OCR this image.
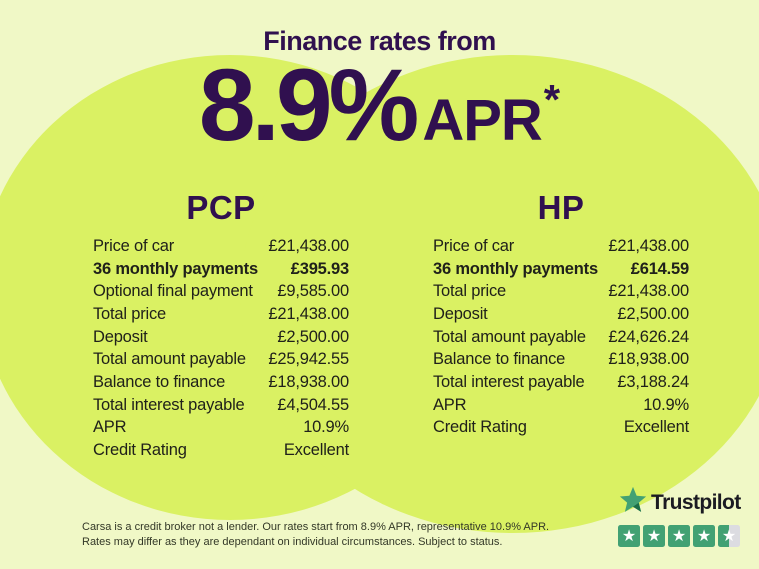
Finance rates from
8.9% APR *
PCP
Price of car	£21,438.00
36 monthly payments £395.93
Optional final payment £9,585.00
Total price	£21,438.00
Deposit	£2,500.00
Total amount payable £25,942.55
Balance to finance	£18,938.00
Total interest payable £4,504.55
APR	10.9%
Credit Rating	Excellent
HP
Price of car	£21,438.00
36 monthly payments £614.59
Total price	£21,438.00
Deposit	£2,500.00
Total amount payable £24,626.24
Balance to finance	£18,938.00
Total interest payable £3,188.24
APR	10.9%
Credit Rating	Excellent
Carsa is a credit broker not a lender. Our rates start from 8.9% APR, representative 10.9% APR.
Rates may differ as they are dependant on individual circumstances. Subject to status.
Trustpilot
★ ★ ★ ★ ★
